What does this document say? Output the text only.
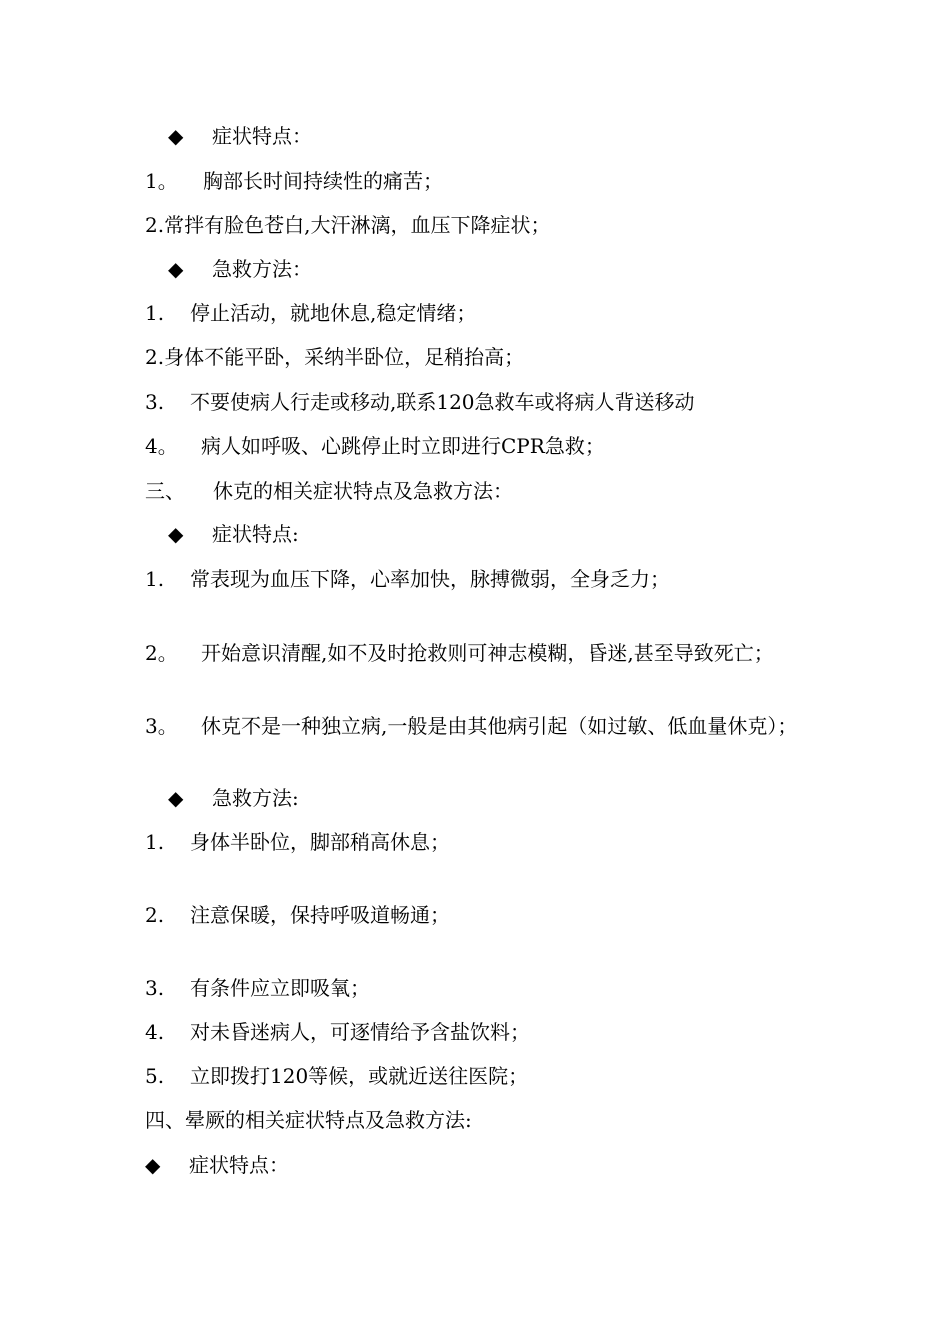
◆ 症状特点：
1。 胸部长时间持续性的痛苦；
2.常拌有脸色苍白,大汗淋漓，血压下降症状；
◆ 急救方法：
1. 停止活动，就地休息,稳定情绪；
2.身体不能平卧，采纳半卧位，足稍抬高；
3. 不要使病人行走或移动,联系120急救车或将病人背送移动
4。 病人如呼吸、心跳停止时立即进行CPR急救；
三、 休克的相关症状特点及急救方法：
◆ 症状特点:
1. 常表现为血压下降，心率加快，脉搏微弱，全身乏力；
2。 开始意识清醒,如不及时抢救则可神志模糊，昏迷,甚至导致死亡；
3。 休克不是一种独立病,一般是由其他病引起（如过敏、低血量休克）；
◆ 急救方法:
1. 身体半卧位，脚部稍高休息；
2. 注意保暖，保持呼吸道畅通；
3. 有条件应立即吸氧；
4. 对未昏迷病人，可逐情给予含盐饮料；
5. 立即拨打120等候，或就近送往医院；
四、晕厥的相关症状特点及急救方法:
◆ 症状特点：
